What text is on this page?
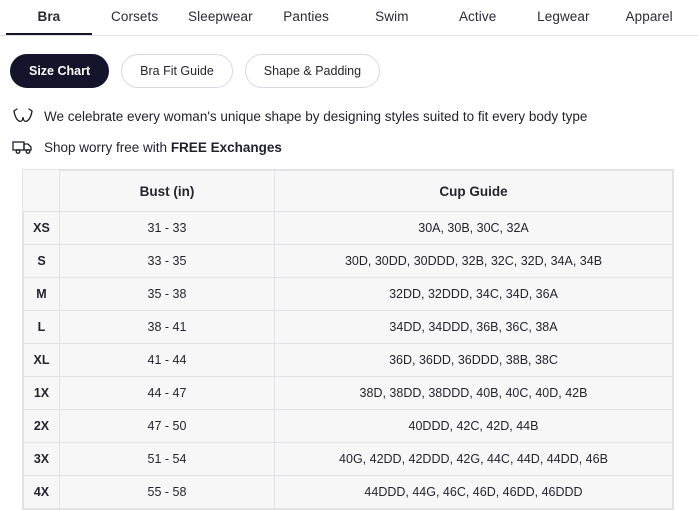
Bra	Corsets	Sleepwear	Panties	Swim	Active	Legwear	Apparel
Size Chart	Bra Fit Guide	Shape & Padding
We celebrate every woman's unique shape by designing styles suited to fit every body type
Shop worry free with FREE Exchanges
	Bust (in)	Cup Guide
XS	31 - 33	30A, 30B, 30C, 32A
S	33 - 35	30D, 30DD, 30DDD, 32B, 32C, 32D, 34A, 34B
M	35 - 38	32DD, 32DDD, 34C, 34D, 36A
L	38 - 41	34DD, 34DDD, 36B, 36C, 38A
XL	41 - 44	36D, 36DD, 36DDD, 38B, 38C
1X	44 - 47	38D, 38DD, 38DDD, 40B, 40C, 40D, 42B
2X	47 - 50	40DDD, 42C, 42D, 44B
3X	51 - 54	40G, 42DD, 42DDD, 42G, 44C, 44D, 44DD, 46B
4X	55 - 58	44DDD, 44G, 46C, 46D, 46DD, 46DDD
